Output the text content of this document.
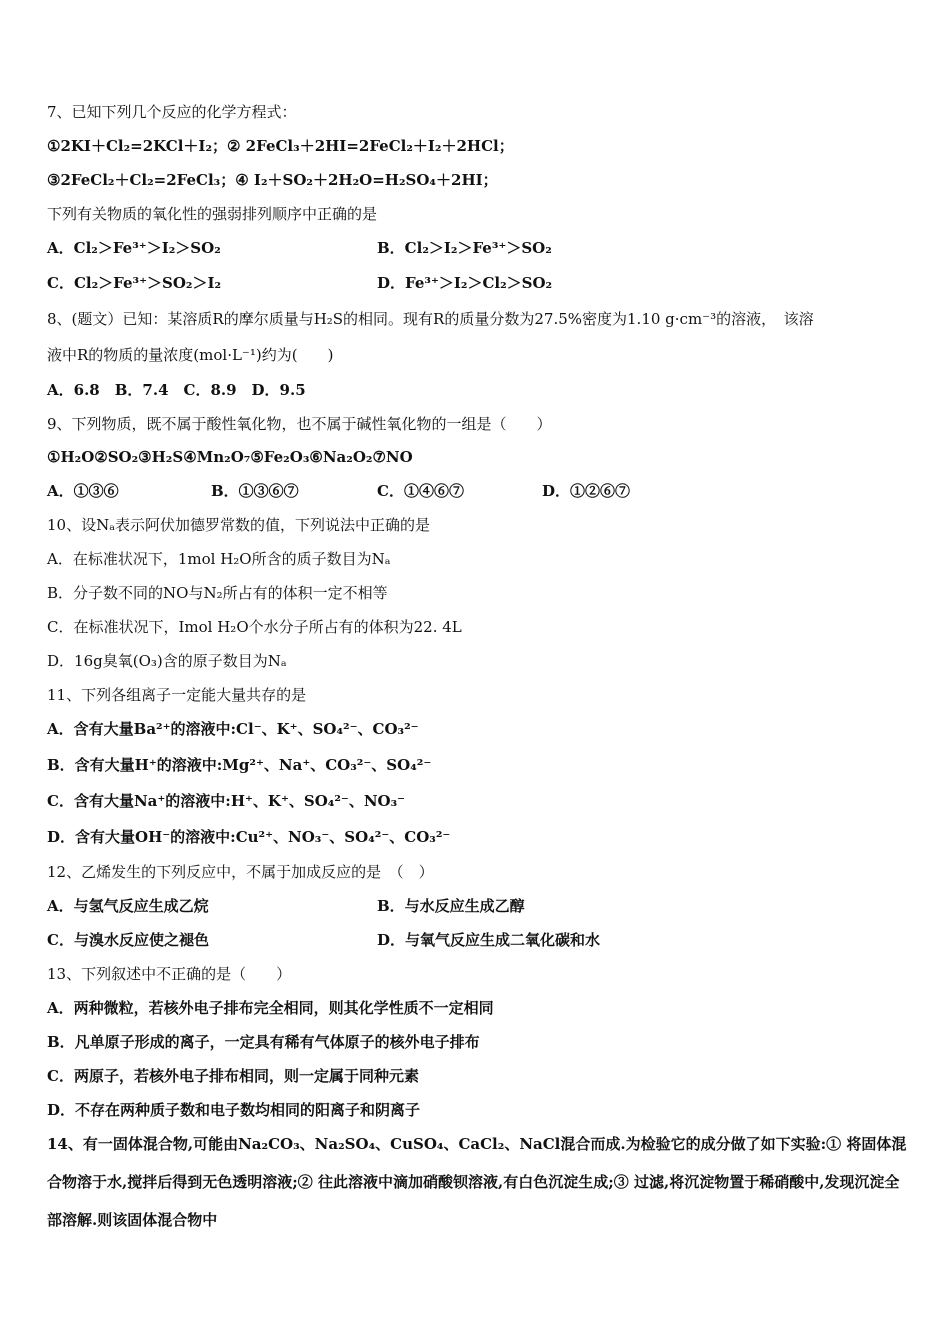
7、已知下列几个反应的化学方程式：
①2KI＋Cl₂=2KCl＋I₂；② 2FeCl₃＋2HI=2FeCl₂＋I₂＋2HCl；
③2FeCl₂＋Cl₂=2FeCl₃；④ I₂＋SO₂＋2H₂O=H₂SO₄＋2HI；
下列有关物质的氧化性的强弱排列顺序中正确的是
A．Cl₂＞Fe³⁺＞I₂＞SO₂	B．Cl₂＞I₂＞Fe³⁺＞SO₂
C．Cl₂＞Fe³⁺＞SO₂＞I₂	D．Fe³⁺＞I₂＞Cl₂＞SO₂
8、(题文）已知：某溶质R的摩尔质量与H₂S的相同。现有R的质量分数为27.5%密度为1.10 g·cm⁻³的溶液，　该溶
液中R的物质的量浓度(mol·L⁻¹)约为(　　)
A．6.8　B．7.4　C．8.9　D．9.5
9、下列物质，既不属于酸性氧化物，也不属于碱性氧化物的一组是（　　）
①H₂O②SO₂③H₂S④Mn₂O₇⑤Fe₂O₃⑥Na₂O₂⑦NO
A．①③⑥	B．①③⑥⑦	C．①④⑥⑦	D．①②⑥⑦
10、设Nₐ表示阿伏加德罗常数的值，下列说法中正确的是
A．在标准状况下，1mol H₂O所含的质子数目为Nₐ
B．分子数不同的NO与N₂所占有的体积一定不相等
C．在标准状况下，Imol H₂O个水分子所占有的体积为22. 4L
D．16g臭氧(O₃)含的原子数目为Nₐ
11、下列各组离子一定能大量共存的是
A．含有大量Ba²⁺的溶液中:Cl⁻、K⁺、SO₄²⁻、CO₃²⁻
B．含有大量H⁺的溶液中:Mg²⁺、Na⁺、CO₃²⁻、SO₄²⁻
C．含有大量Na⁺的溶液中:H⁺、K⁺、SO₄²⁻、NO₃⁻
D．含有大量OH⁻的溶液中:Cu²⁺、NO₃⁻、SO₄²⁻、CO₃²⁻
12、乙烯发生的下列反应中，不属于加成反应的是　（　）
A．与氢气反应生成乙烷	B．与水反应生成乙醇
C．与溴水反应使之褪色	D．与氧气反应生成二氧化碳和水
13、下列叙述中不正确的是（　　）
A．两种微粒，若核外电子排布完全相同，则其化学性质不一定相同
B．凡单原子形成的离子，一定具有稀有气体原子的核外电子排布
C．两原子，若核外电子排布相同，则一定属于同种元素
D．不存在两种质子数和电子数均相同的阳离子和阴离子
14、有一固体混合物,可能由Na₂CO₃、Na₂SO₄、CuSO₄、CaCl₂、NaCl混合而成.为检验它的成分做了如下实验:① 将固体混合物溶于水,搅拌后得到无色透明溶液;② 往此溶液中滴加硝酸钡溶液,有白色沉淀生成;③ 过滤,将沉淀物置于稀硝酸中,发现沉淀全部溶解.则该固体混合物中
